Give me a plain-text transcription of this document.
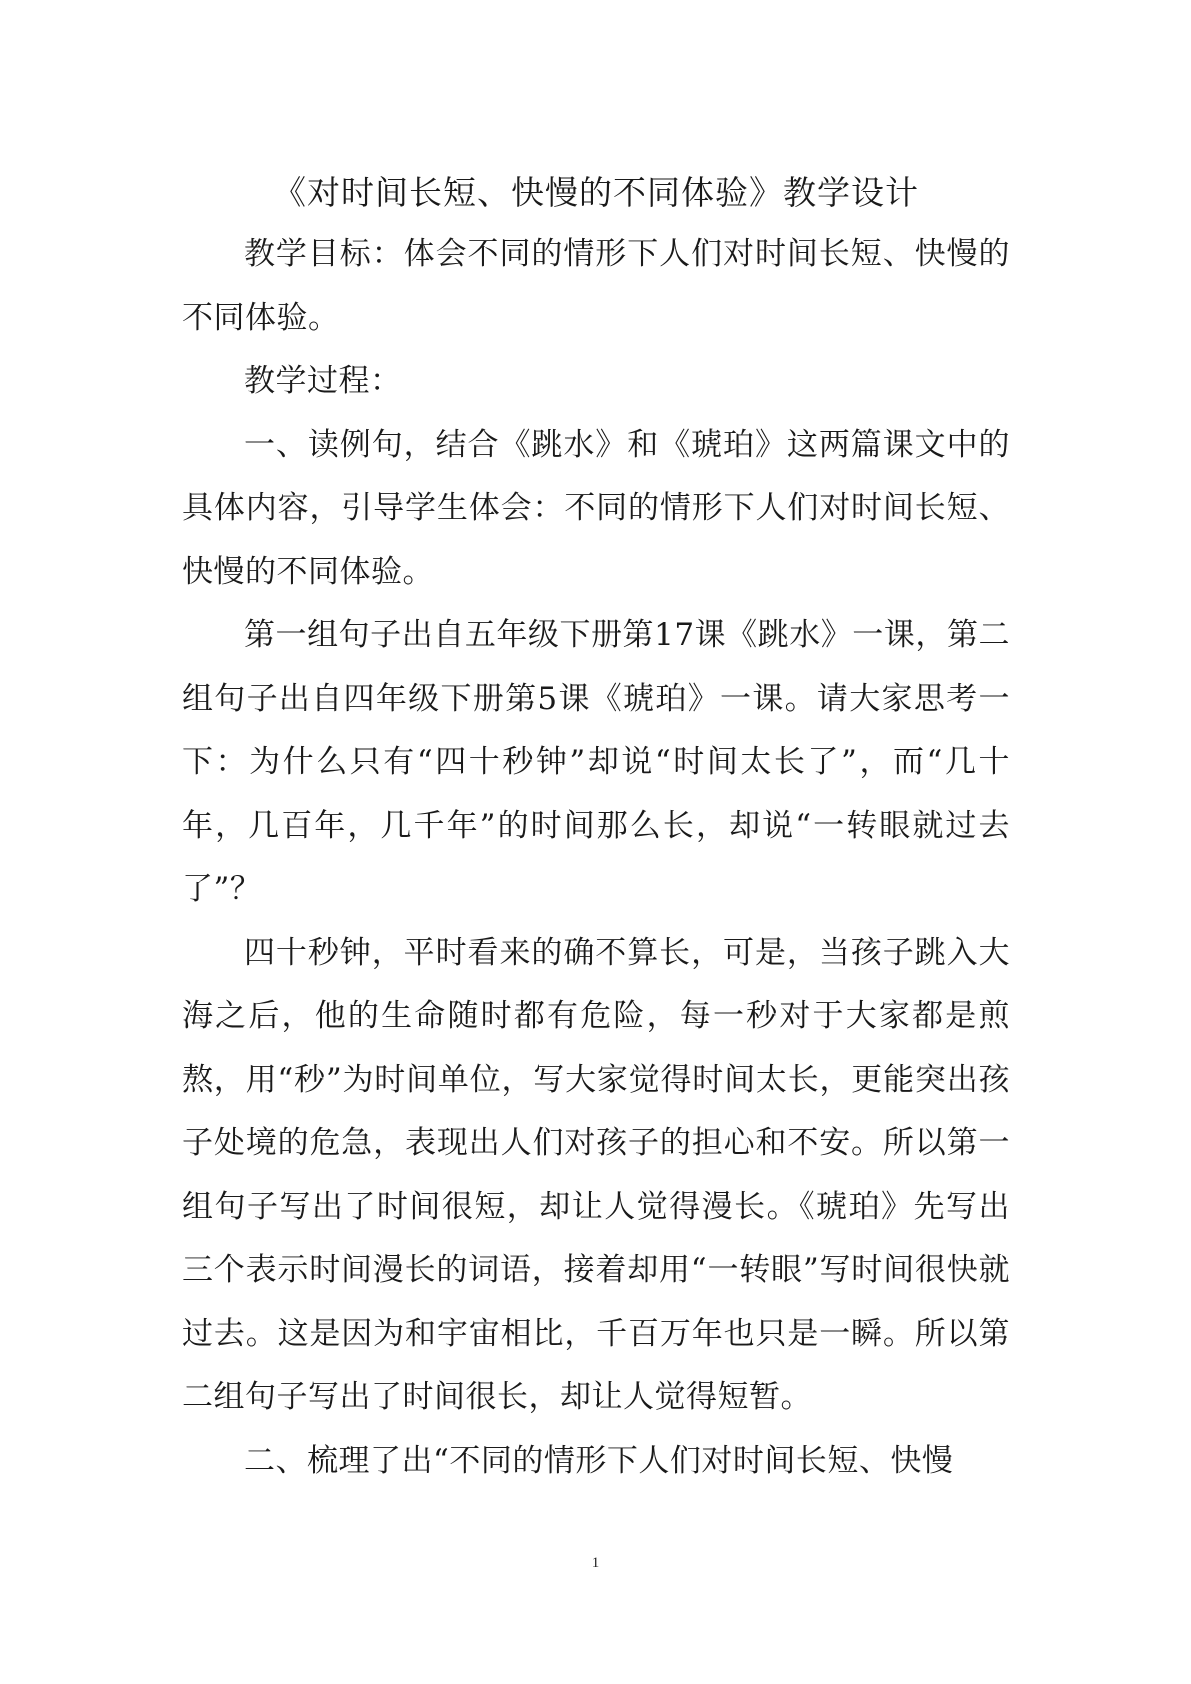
《对时间长短、快慢的不同体验》教学设计

教学目标：体会不同的情形下人们对时间长短、快慢的不同体验。

教学过程：

一、读例句，结合《跳水》和《琥珀》这两篇课文中的具体内容，引导学生体会：不同的情形下人们对时间长短、快慢的不同体验。

第一组句子出自五年级下册第17课《跳水》一课，第二组句子出自四年级下册第5课《琥珀》一课。请大家思考一下：为什么只有“四十秒钟”却说“时间太长了”，而“几十年，几百年，几千年”的时间那么长，却说“一转眼就过去了”？

四十秒钟，平时看来的确不算长，可是，当孩子跳入大海之后，他的生命随时都有危险，每一秒对于大家都是煎熬，用“秒”为时间单位，写大家觉得时间太长，更能突出孩子处境的危急，表现出人们对孩子的担心和不安。所以第一组句子写出了时间很短，却让人觉得漫长。《琥珀》先写出三个表示时间漫长的词语，接着却用“一转眼”写时间很快就过去。这是因为和宇宙相比，千百万年也只是一瞬。所以第二组句子写出了时间很长，却让人觉得短暂。

二、梳理了出“不同的情形下人们对时间长短、快慢

1
